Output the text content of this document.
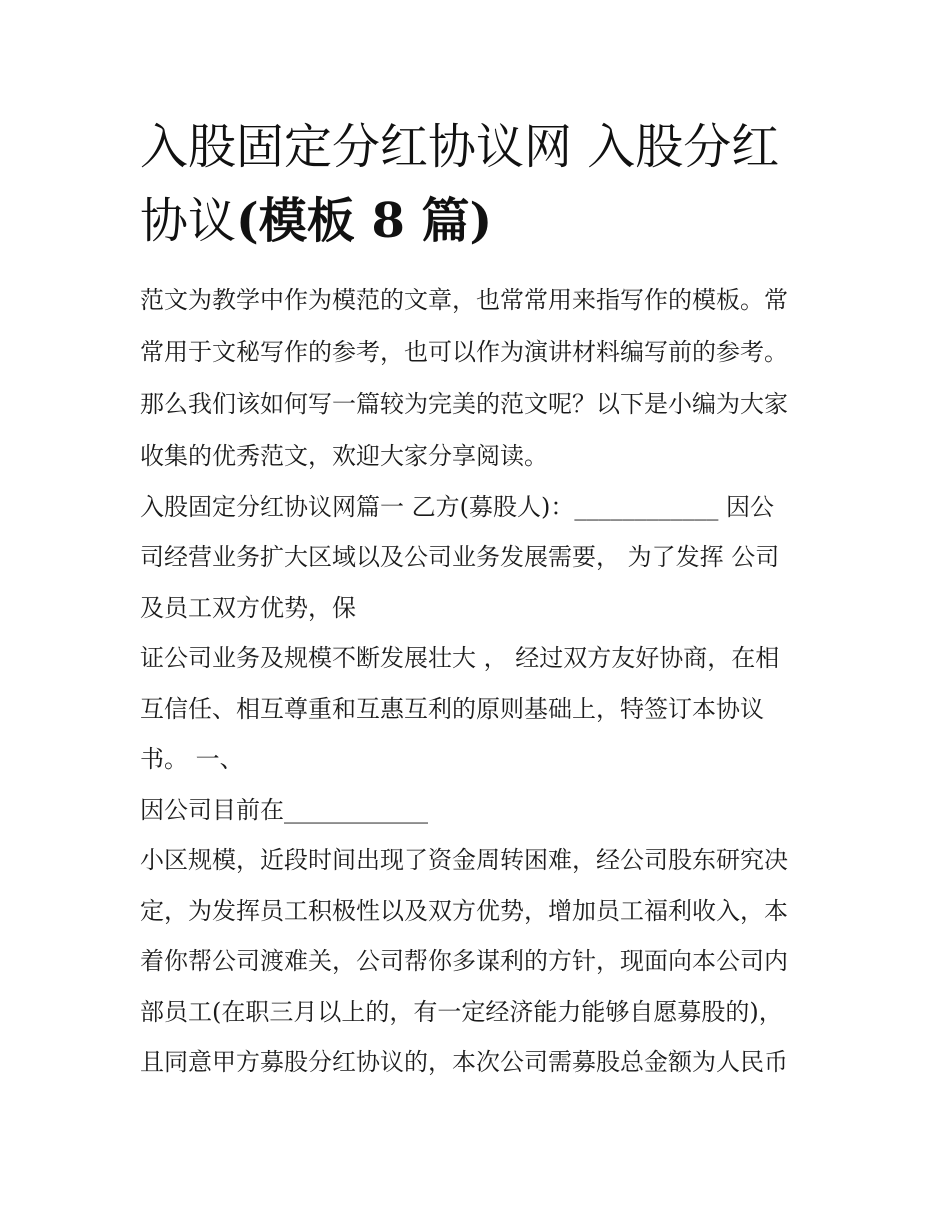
入股固定分红协议网 入股分红
协议(模板 8 篇)
范文为教学中作为模范的文章，也常常用来指写作的模板。常
常用于文秘写作的参考，也可以作为演讲材料编写前的参考。
那么我们该如何写一篇较为完美的范文呢？以下是小编为大家
收集的优秀范文，欢迎大家分享阅读。
入股固定分红协议网篇一 乙方(募股人)：____________ 因公
司经营业务扩大区域以及公司业务发展需要， 为了发挥 公司
及员工双方优势，保
证公司业务及规模不断发展壮大 ， 经过双方友好协商，在相
互信任、相互尊重和互惠互利的原则基础上，特签订本协议
书。 一、
因公司目前在____________
小区规模，近段时间出现了资金周转困难，经公司股东研究决
定，为发挥员工积极性以及双方优势，增加员工福利收入，本
着你帮公司渡难关，公司帮你多谋利的方针，现面向本公司内
部员工(在职三月以上的，有一定经济能力能够自愿募股的)，
且同意甲方募股分红协议的，本次公司需募股总金额为人民币
